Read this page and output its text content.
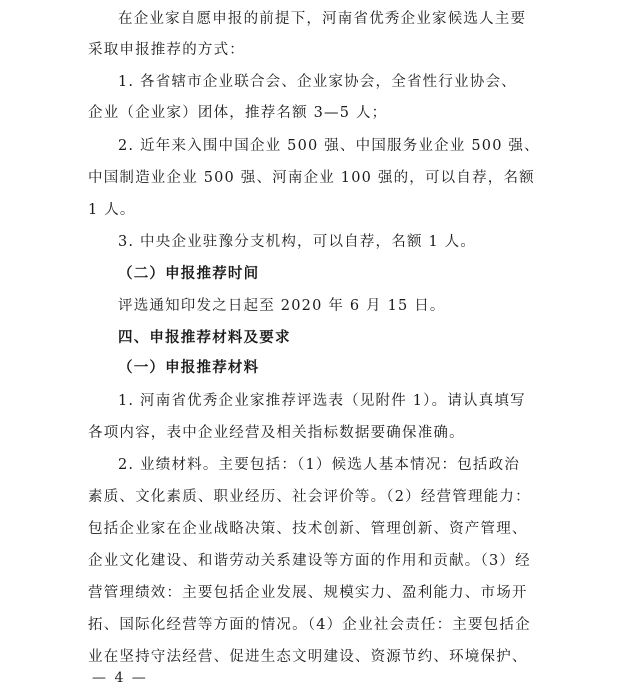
在企业家自愿申报的前提下，河南省优秀企业家候选人主要
采取申报推荐的方式：
1. 各省辖市企业联合会、企业家协会，全省性行业协会、
企业（企业家）团体，推荐名额 3—5 人；
2. 近年来入围中国企业 500 强、中国服务业企业 500 强、
中国制造业企业 500 强、河南企业 100 强的，可以自荐，名额
1 人。
3. 中央企业驻豫分支机构，可以自荐，名额 1 人。
（二）申报推荐时间
评选通知印发之日起至 2020 年 6 月 15 日。
四、申报推荐材料及要求
（一）申报推荐材料
1. 河南省优秀企业家推荐评选表（见附件 1）。请认真填写
各项内容，表中企业经营及相关指标数据要确保准确。
2. 业绩材料。主要包括：（1）候选人基本情况：包括政治
素质、文化素质、职业经历、社会评价等。（2）经营管理能力：
包括企业家在企业战略决策、技术创新、管理创新、资产管理、
企业文化建设、和谐劳动关系建设等方面的作用和贡献。（3）经
营管理绩效：主要包括企业发展、规模实力、盈利能力、市场开
拓、国际化经营等方面的情况。（4）企业社会责任：主要包括企
业在坚持守法经营、促进生态文明建设、资源节约、环境保护、
— 4 —
